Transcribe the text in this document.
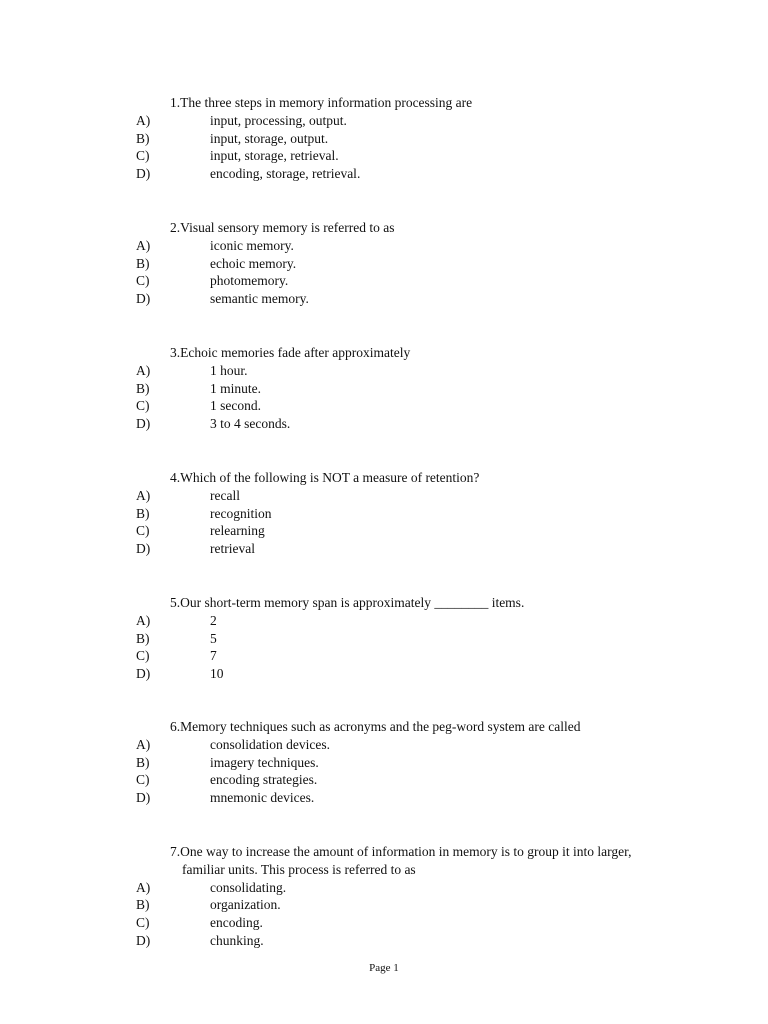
1.The three steps in memory information processing are
A)	input, processing, output.
B)	input, storage, output.
C)	input, storage, retrieval.
D)	encoding, storage, retrieval.
2.Visual sensory memory is referred to as
A)	iconic memory.
B)	echoic memory.
C)	photomemory.
D)	semantic memory.
3.Echoic memories fade after approximately
A)	1 hour.
B)	1 minute.
C)	1 second.
D)	3 to 4 seconds.
4.Which of the following is NOT a measure of retention?
A)	recall
B)	recognition
C)	relearning
D)	retrieval
5.Our short-term memory span is approximately ________ items.
A)	2
B)	5
C)	7
D)	10
6.Memory techniques such as acronyms and the peg-word system are called
A)	consolidation devices.
B)	imagery techniques.
C)	encoding strategies.
D)	mnemonic devices.
7.One way to increase the amount of information in memory is to group it into larger,
familiar units. This process is referred to as
A)	consolidating.
B)	organization.
C)	encoding.
D)	chunking.
Page 1
